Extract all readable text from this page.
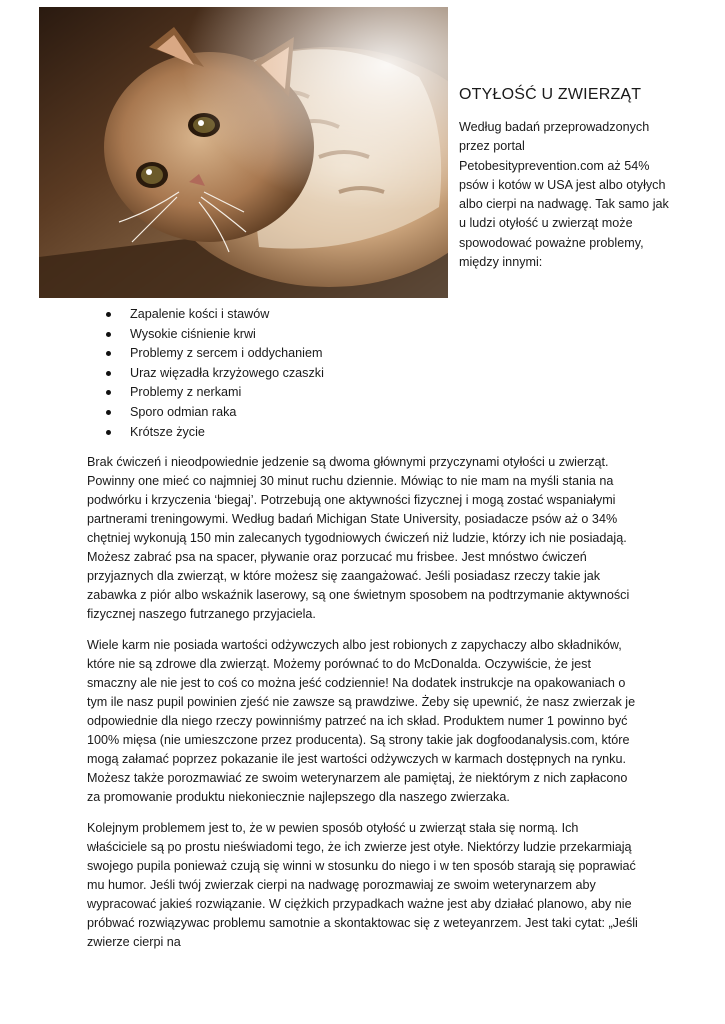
OTYŁOŚĆ U ZWIERZĄT

Według badań przeprowadzonych przez portal Petobesityprevention.com aż 54% psów i kotów w USA jest albo otyłych albo cierpi na nadwagę. Tak samo jak u ludzi otyłość u zwierząt może spowodować poważne problemy, między innymi:

Zapalenie kości i stawów
Wysokie ciśnienie krwi
Problemy z sercem i oddychaniem
Uraz więzadła krzyżowego czaszki
Problemy z nerkami
Sporo odmian raka
Krótsze życie

Brak ćwiczeń i nieodpowiednie jedzenie są dwoma głównymi przyczynami otyłości u zwierząt. Powinny one mieć co najmniej 30 minut ruchu dziennie. Mówiąc to nie mam na myśli stania na podwórku i krzyczenia ‘biegaj’. Potrzebują one aktywności fizycznej i mogą zostać wspaniałymi partnerami treningowymi. Według badań Michigan State University, posiadacze psów aż o 34% chętniej wykonują 150 min zalecanych tygodniowych ćwiczeń niż ludzie, którzy ich nie posiadają. Możesz zabrać psa na spacer, pływanie oraz porzucać mu frisbee. Jest mnóstwo ćwiczeń przyjaznych dla zwierząt, w które możesz się zaangażować. Jeśli posiadasz rzeczy takie jak zabawka z piór albo wskaźnik laserowy, są one świetnym sposobem na podtrzymanie aktywności fizycznej naszego futrzanego przyjaciela.

Wiele karm nie posiada wartości odżywczych albo jest robionych z zapychaczy albo składników, które nie są zdrowe dla zwierząt. Możemy porównać to do McDonalda. Oczywiście, że jest smaczny ale nie jest to coś co można jeść codziennie! Na dodatek instrukcje na opakowaniach o tym ile nasz pupil powinien zjeść nie zawsze są prawdziwe. Żeby się upewnić, że nasz zwierzak je odpowiednie dla niego rzeczy powinniśmy patrzeć na ich skład. Produktem numer 1 powinno być 100% mięsa (nie umieszczone przez producenta). Są strony takie jak dogfoodanalysis.com, które mogą załamać poprzez pokazanie ile jest wartości odżywczych w karmach dostępnych na rynku. Możesz także porozmawiać ze swoim weterynarzem ale pamiętaj, że niektórym z nich zapłacono za promowanie produktu niekoniecznie najlepszego dla naszego zwierzaka.

Kolejnym problemem jest to, że w pewien sposób otyłość u zwierząt stała się normą. Ich właściciele są po prostu nieświadomi tego, że ich zwierze jest otyłe. Niektórzy ludzie przekarmiają swojego pupila ponieważ czują się winni w stosunku do niego i w ten sposób starają się poprawiać mu humor. Jeśli twój zwierzak cierpi na nadwagę porozmawiaj ze swoim weterynarzem aby wypracować jakieś rozwiązanie. W ciężkich przypadkach ważne jest aby działać planowo, aby nie próbwać rozwiązywac problemu samotnie a skontaktowac się z weteyanrzem. Jest taki cytat: „Jeśli zwierze cierpi na
